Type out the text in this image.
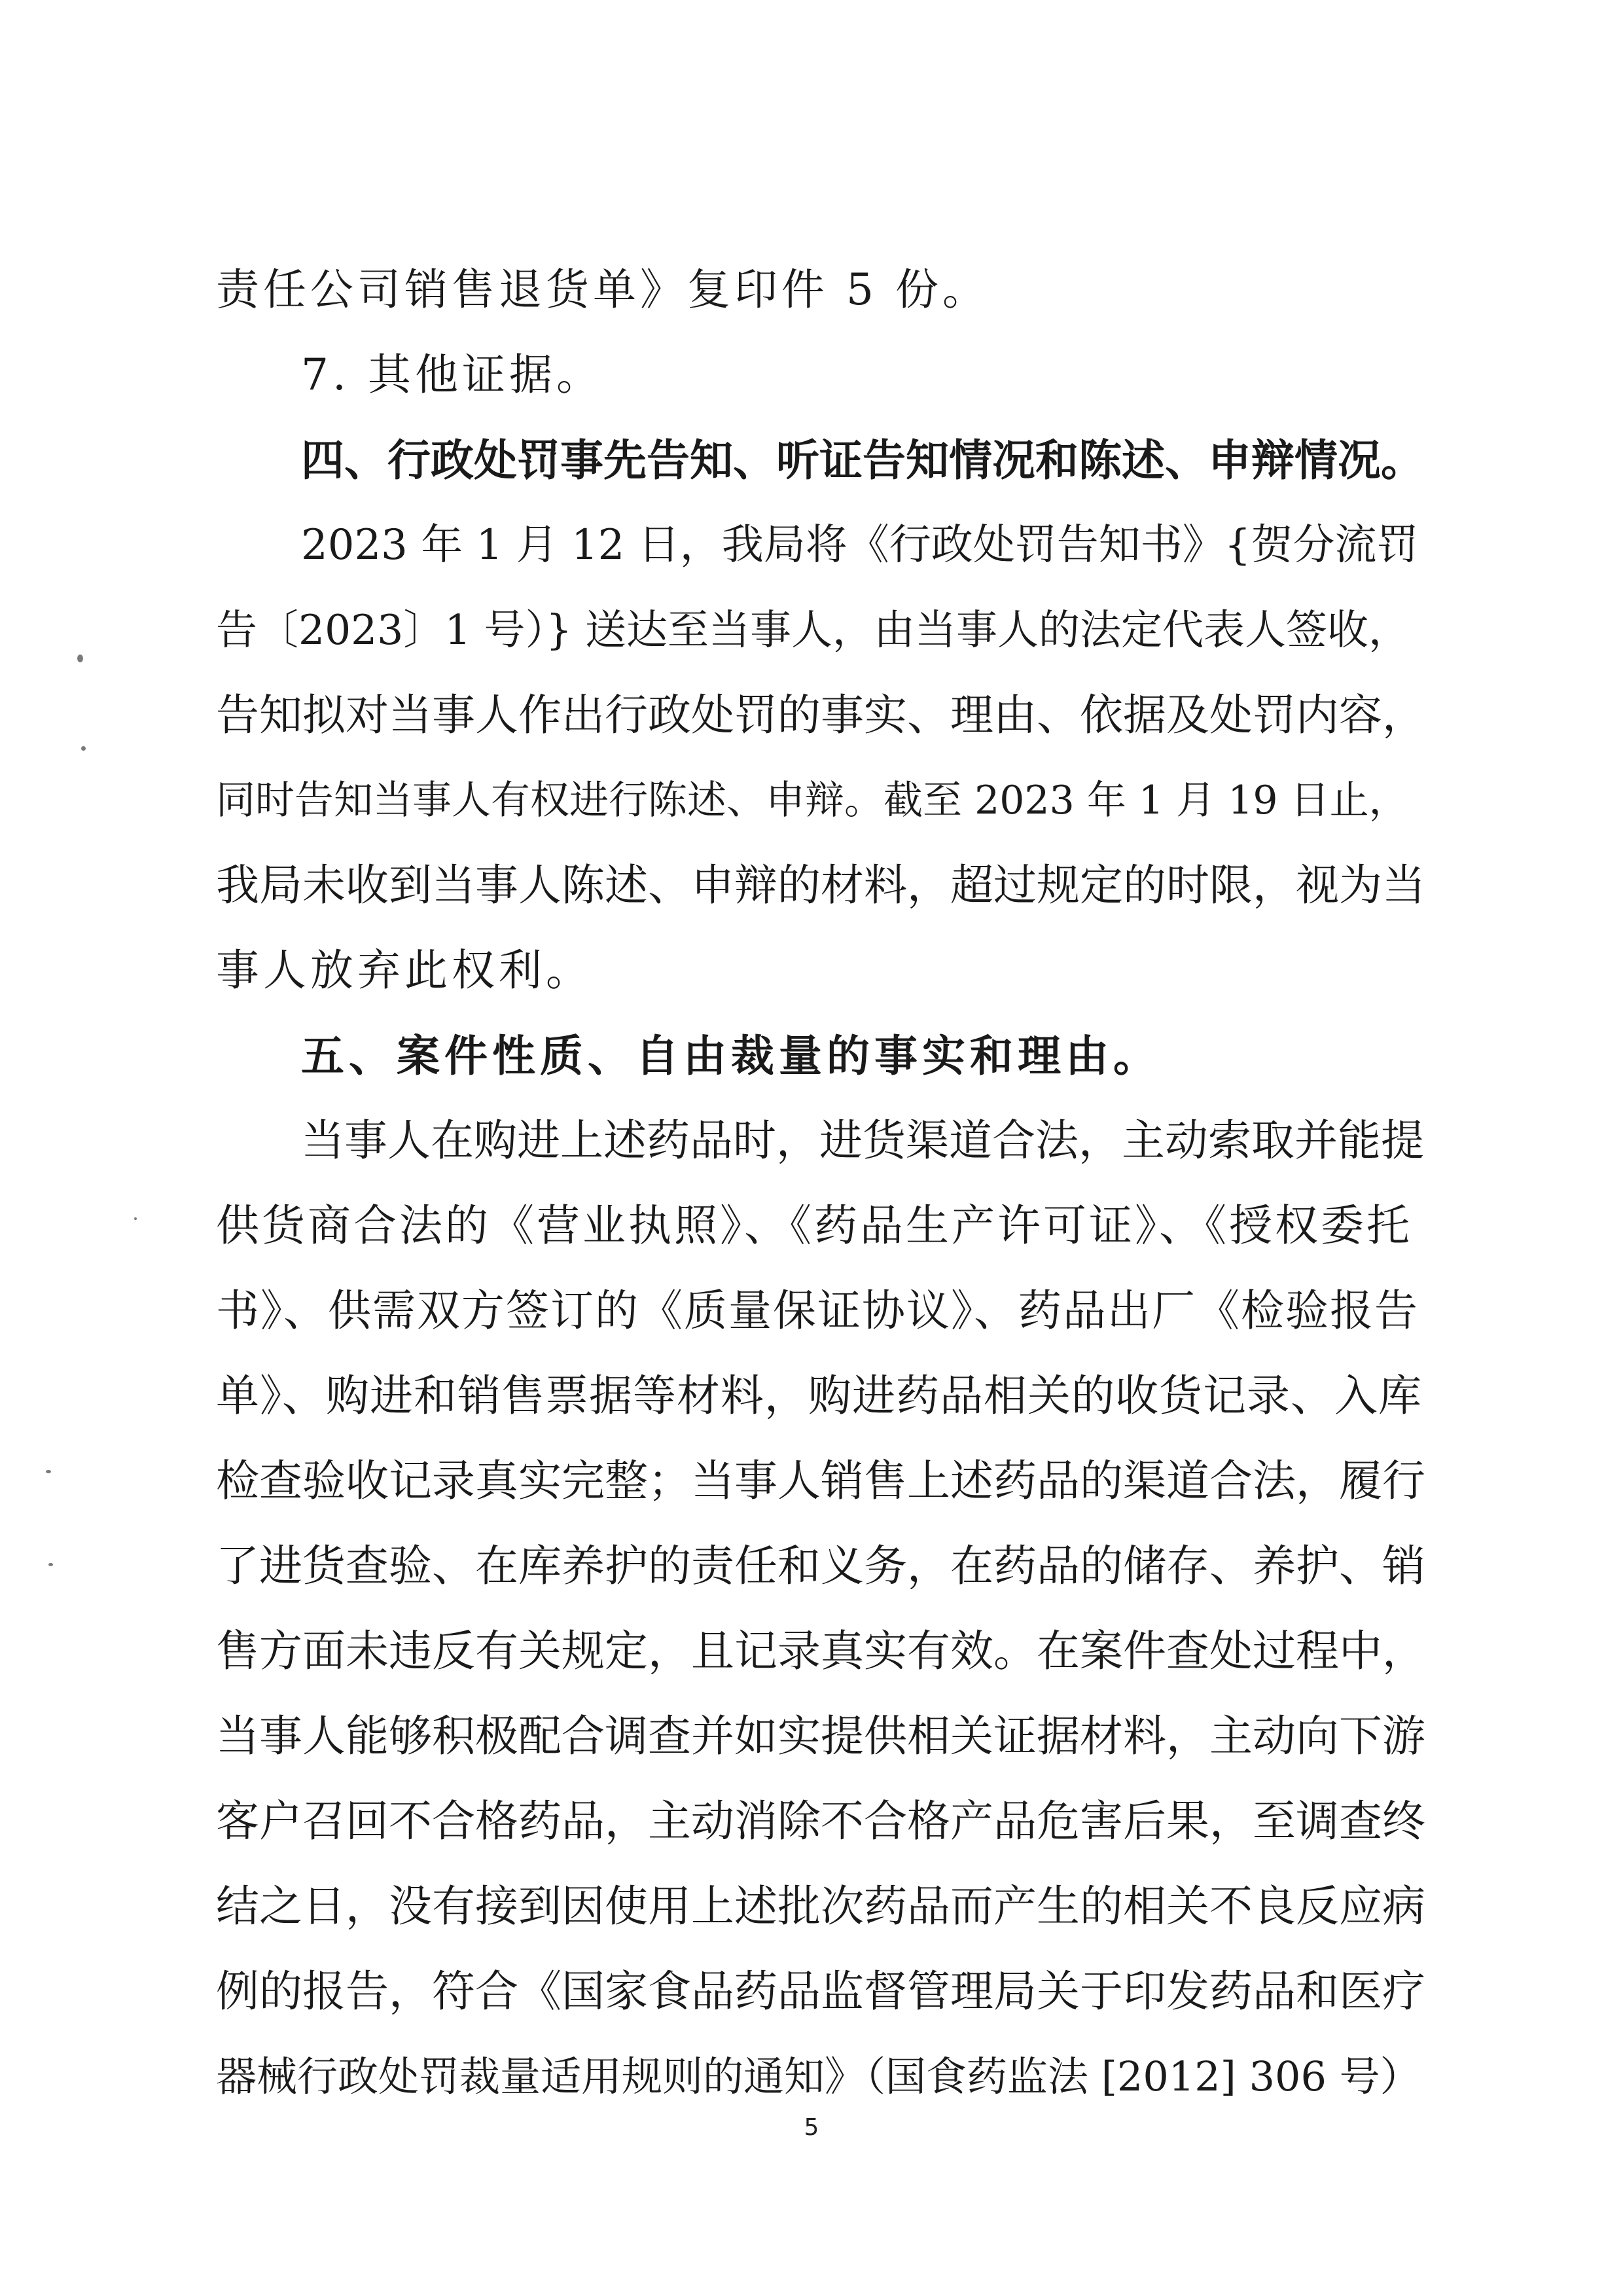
责任公司销售退货单》复印件 5 份。
7. 其他证据。
四、行政处罚事先告知、听证告知情况和陈述、申辩情况。
2023 年 1 月 12 日，我局将《行政处罚告知书》{贺分流罚
告〔2023〕1 号）} 送达至当事人，由当事人的法定代表人签收，
告知拟对当事人作出行政处罚的事实、理由、依据及处罚内容，
同时告知当事人有权进行陈述、申辩。截至 2023 年 1 月 19 日止，
我局未收到当事人陈述、申辩的材料，超过规定的时限，视为当
事人放弃此权利。
五、案件性质、自由裁量的事实和理由。
当事人在购进上述药品时，进货渠道合法，主动索取并能提
供货商合法的《营业执照》、《药品生产许可证》、《授权委托
书》、供需双方签订的《质量保证协议》、药品出厂《检验报告
单》、购进和销售票据等材料，购进药品相关的收货记录、入库
检查验收记录真实完整；当事人销售上述药品的渠道合法，履行
了进货查验、在库养护的责任和义务，在药品的储存、养护、销
售方面未违反有关规定，且记录真实有效。在案件查处过程中，
当事人能够积极配合调查并如实提供相关证据材料，主动向下游
客户召回不合格药品，主动消除不合格产品危害后果，至调查终
结之日，没有接到因使用上述批次药品而产生的相关不良反应病
例的报告，符合《国家食品药品监督管理局关于印发药品和医疗
器械行政处罚裁量适用规则的通知》（国食药监法 [2012] 306 号）
5
